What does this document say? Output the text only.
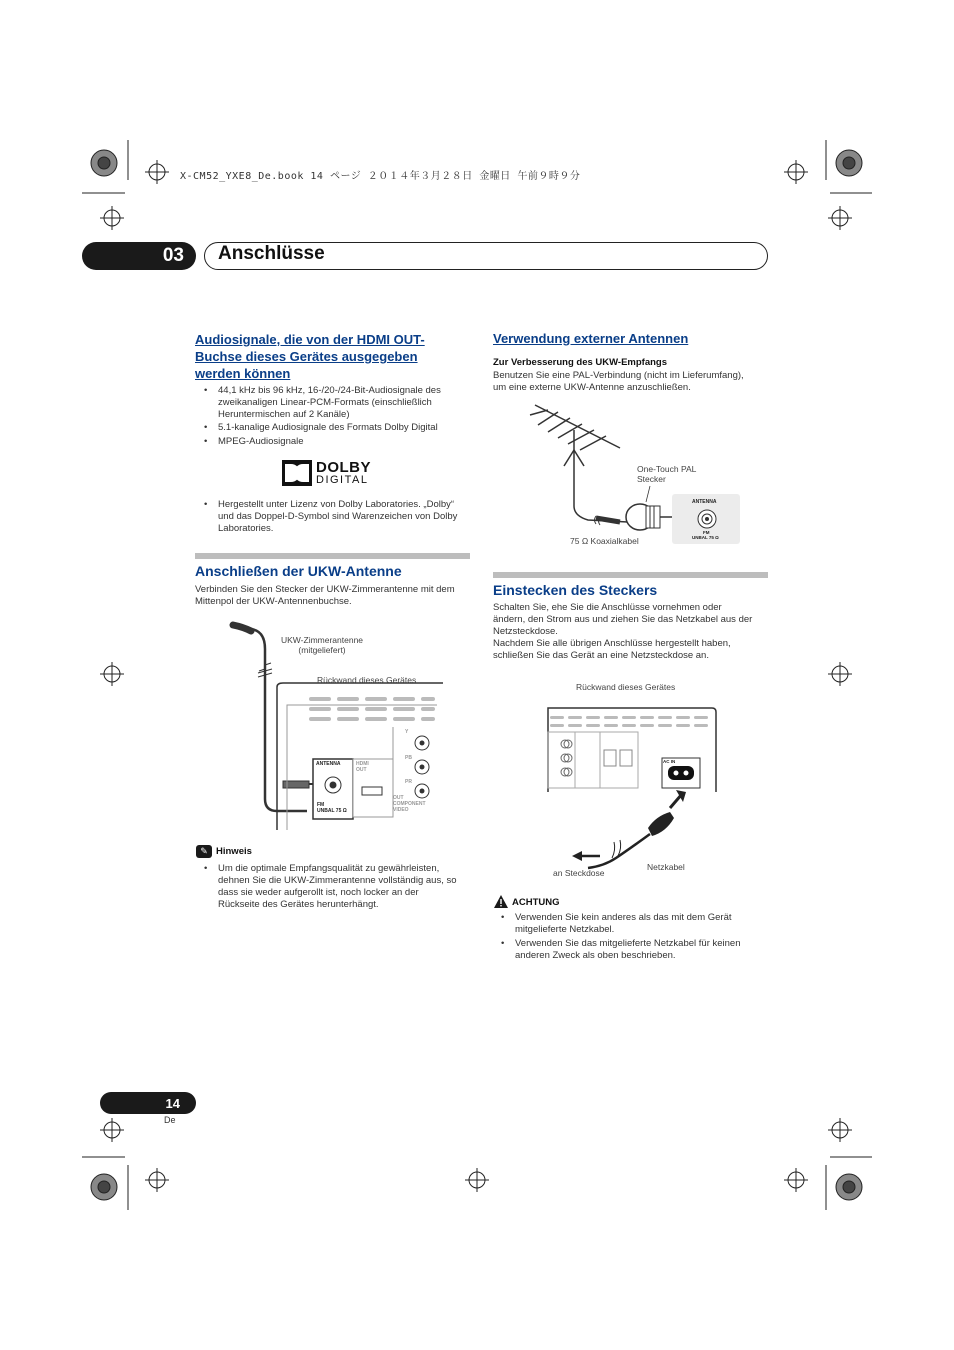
X-CM52_YXE8_De.book 14 ページ ２０１４年３月２８日 金曜日 午前９時９分
03 Anschlüsse
Audiosignale, die von der HDMI OUT-
Buchse dieses Gerätes ausgegeben
werden können
• 44,1 kHz bis 96 kHz, 16-/20-/24-Bit-Audiosignale des
zweikanaligen Linear-PCM-Formats (einschließlich
Heruntermischen auf 2 Kanäle)
• 5.1-kanalige Audiosignale des Formats Dolby Digital
• MPEG-Audiosignale
DOLBY
DIGITAL
• Hergestellt unter Lizenz von Dolby Laboratories. „Dolby“
und das Doppel-D-Symbol sind Warenzeichen von Dolby
Laboratories.
Anschließen der UKW-Antenne
Verbinden Sie den Stecker der UKW-Zimmerantenne mit dem
Mittenpol der UKW-Antennenbuchse.
UKW-Zimmerantenne
(mitgeliefert)
Rückwand dieses Gerätes
ANTENNA
FM
UNBAL 75 Ω
HDMI
OUT
OUT
COMPONENT
VIDEO
Y
PB
PR
✎ Hinweis
• Um die optimale Empfangsqualität zu gewährleisten,
dehnen Sie die UKW-Zimmerantenne vollständig aus, so
dass sie weder aufgerollt ist, noch locker an der
Rückseite des Gerätes herunterhängt.
Verwendung externer Antennen
Zur Verbesserung des UKW-Empfangs
Benutzen Sie eine PAL-Verbindung (nicht im Lieferumfang),
um eine externe UKW-Antenne anzuschließen.
One-Touch PAL
Stecker
75 Ω Koaxialkabel
ANTENNA
FM
UNBAL 75 Ω
Einstecken des Steckers
Schalten Sie, ehe Sie die Anschlüsse vornehmen oder
ändern, den Strom aus und ziehen Sie das Netzkabel aus der
Netzsteckdose.
Nachdem Sie alle übrigen Anschlüsse hergestellt haben,
schließen Sie das Gerät an eine Netzsteckdose an.
Rückwand dieses Gerätes
AC IN
an Steckdose
Netzkabel
ACHTUNG
• Verwenden Sie kein anderes als das mit dem Gerät
mitgelieferte Netzkabel.
• Verwenden Sie das mitgelieferte Netzkabel für keinen
anderen Zweck als oben beschrieben.
14
De
